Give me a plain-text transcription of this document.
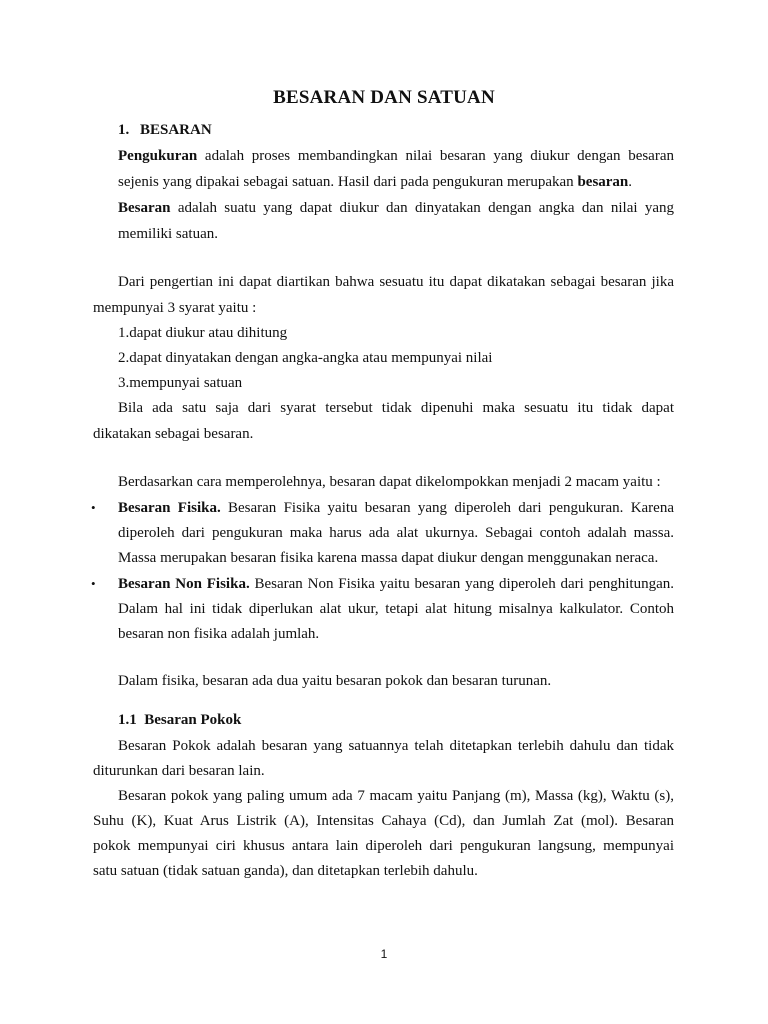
BESARAN DAN SATUAN
1. BESARAN
Pengukuran adalah proses membandingkan nilai besaran yang diukur dengan besaran
sejenis yang dipakai sebagai satuan. Hasil dari pada pengukuran merupakan besaran.
Besaran adalah suatu yang dapat diukur dan dinyatakan dengan angka dan nilai yang
memiliki satuan.
Dari pengertian ini dapat diartikan bahwa sesuatu itu dapat dikatakan sebagai besaran jika
mempunyai 3 syarat yaitu :
1.dapat diukur atau dihitung
2.dapat dinyatakan dengan angka-angka atau mempunyai nilai
3.mempunyai satuan
Bila ada satu saja dari syarat tersebut tidak dipenuhi maka sesuatu itu tidak dapat
dikatakan sebagai besaran.
Berdasarkan cara memperolehnya, besaran dapat dikelompokkan menjadi 2 macam yaitu :
• Besaran Fisika. Besaran Fisika yaitu besaran yang diperoleh dari pengukuran. Karena
diperoleh dari pengukuran maka harus ada alat ukurnya. Sebagai contoh adalah massa.
Massa merupakan besaran fisika karena massa dapat diukur dengan menggunakan neraca.
• Besaran Non Fisika. Besaran Non Fisika yaitu besaran yang diperoleh dari penghitungan.
Dalam hal ini tidak diperlukan alat ukur, tetapi alat hitung misalnya kalkulator. Contoh
besaran non fisika adalah jumlah.
Dalam fisika, besaran ada dua yaitu besaran pokok dan besaran turunan.
1.1  Besaran Pokok
Besaran Pokok adalah besaran yang satuannya telah ditetapkan terlebih dahulu dan tidak
diturunkan dari besaran lain.
Besaran pokok yang paling umum ada 7 macam yaitu Panjang (m), Massa (kg), Waktu (s),
Suhu (K), Kuat Arus Listrik (A), Intensitas Cahaya (Cd), dan Jumlah Zat (mol). Besaran
pokok mempunyai ciri khusus antara lain diperoleh dari pengukuran langsung, mempunyai
satu satuan (tidak satuan ganda), dan ditetapkan terlebih dahulu.
1
